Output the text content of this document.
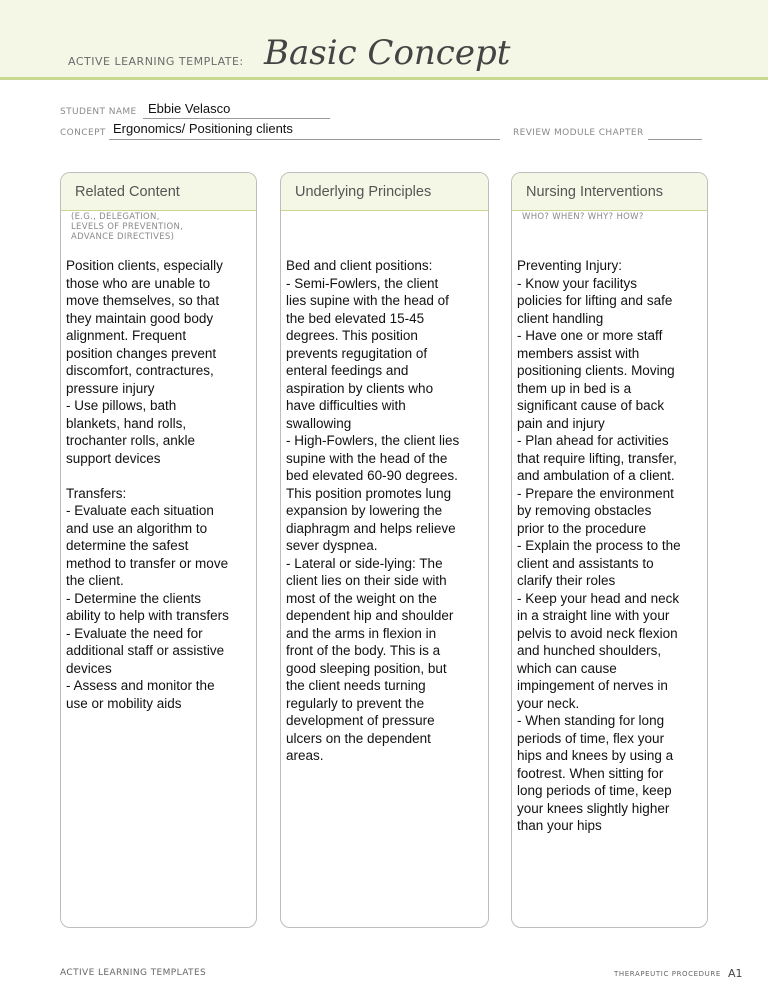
ACTIVE LEARNING TEMPLATE: Basic Concept
STUDENT NAME Ebbie Velasco
CONCEPT Ergonomics/ Positioning clients	REVIEW MODULE CHAPTER
Related Content
(E.G., DELEGATION,
LEVELS OF PREVENTION,
ADVANCE DIRECTIVES)
Position clients, especially
those who are unable to
move themselves, so that
they maintain good body
alignment. Frequent
position changes prevent
discomfort, contractures,
pressure injury
- Use pillows, bath
blankets, hand rolls,
trochanter rolls, ankle
support devices

Transfers:
- Evaluate each situation
and use an algorithm to
determine the safest
method to transfer or move
the client.
- Determine the clients
ability to help with transfers
- Evaluate the need for
additional staff or assistive
devices
- Assess and monitor the
use or mobility aids
Underlying Principles
Bed and client positions:
- Semi-Fowlers, the client
lies supine with the head of
the bed elevated 15-45
degrees. This position
prevents regugitation of
enteral feedings and
aspiration by clients who
have difficulties with
swallowing
- High-Fowlers, the client lies
supine with the head of the
bed elevated 60-90 degrees.
This position promotes lung
expansion by lowering the
diaphragm and helps relieve
sever dyspnea.
- Lateral or side-lying: The
client lies on their side with
most of the weight on the
dependent hip and shoulder
and the arms in flexion in
front of the body. This is a
good sleeping position, but
the client needs turning
regularly to prevent the
development of pressure
ulcers on the dependent
areas.
Nursing Interventions
WHO? WHEN? WHY? HOW?
Preventing Injury:
- Know your facilitys
policies for lifting and safe
client handling
- Have one or more staff
members assist with
positioning clients. Moving
them up in bed is a
significant cause of back
pain and injury
- Plan ahead for activities
that require lifting, transfer,
and ambulation of a client.
- Prepare the environment
by removing obstacles
prior to the procedure
- Explain the process to the
client and assistants to
clarify their roles
- Keep your head and neck
in a straight line with your
pelvis to avoid neck flexion
and hunched shoulders,
which can cause
impingement of nerves in
your neck.
- When standing for long
periods of time, flex your
hips and knees by using a
footrest. When sitting for
long periods of time, keep
your knees slightly higher
than your hips
ACTIVE LEARNING TEMPLATES	THERAPEUTIC PROCEDURE A1
